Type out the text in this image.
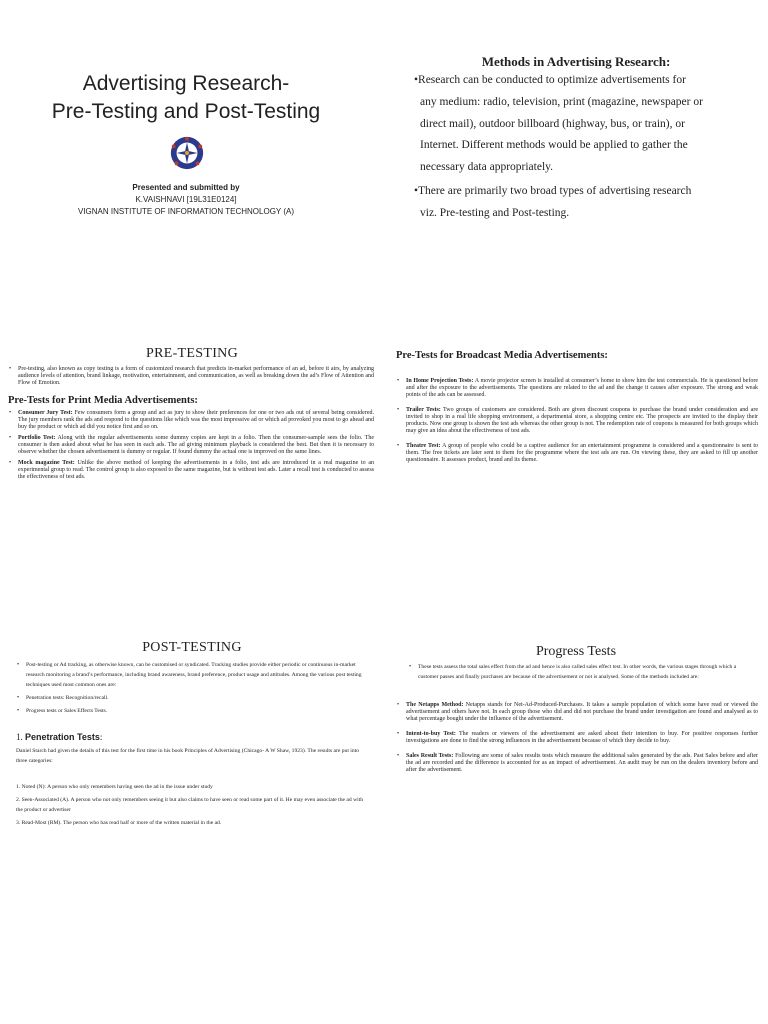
Advertising Research-
Pre-Testing and Post-Testing
Presented and submitted by
K.VAISHNAVI [19L31E0124]
VIGNAN INSTITUTE OF INFORMATION TECHNOLOGY (A)
Methods in Advertising Research:
•Research can be conducted to optimize advertisements for
any medium: radio, television, print (magazine, newspaper or
direct mail), outdoor billboard (highway, bus, or train), or
Internet. Different methods would be applied to gather the
necessary data appropriately.
•There are primarily two broad types of advertising research
viz. Pre-testing and Post-testing.
PRE-TESTING
• Pre-testing, also known as copy testing is a form of customized research that predicts in-market performance of an ad, before it airs, by analyzing audience levels of attention, brand linkage, motivation, entertainment, and communication, as well as breaking down the ad’s Flow of Attention and Flow of Emotion.
Pre-Tests for Print Media Advertisements:
• Consumer Jury Test: Few consumers form a group and act as jury to show their preferences for one or two ads out of several being considered. The jury members rank the ads and respond to the questions like which was the most impressive ad or which ad provoked you most to go ahead and buy the product or which ad did you notice first and so on.
• Portfolio Test: Along with the regular advertisements some dummy copies are kept in a folio. Then the consumer-sample sees the folio. The consumer is then asked about what he has seen in each ads. The ad giving minimum playback is considered the best. But then it is necessary to observe whether the chosen advertisement is dummy or regular. If found dummy the actual one is improved on the same lines.
• Mock magazine Test: Unlike the above method of keeping the advertisements in a folio, test ads are introduced in a real magazine to an experimental group to read. The control group is also exposed to the same magazine, but is without test ads. Later a recall test is conducted to assess the effectiveness of test ads.
Pre-Tests for Broadcast Media Advertisements:
• In Home Projection Tests: A movie projector screen is installed at consumer’s home to show him the test commercials. He is questioned before and after the exposure to the advertisements. The questions are related to the ad and the change it causes after exposure. The strong and weak points of the ads can be assessed.
• Trailer Tests: Two groups of customers are considered. Both are given discount coupons to purchase the brand under consideration and are invited to shop in a real life shopping environment, a departmental store, a shopping centre etc. The prospects are invited to the display their products. Now one group is shown the test ads whereas the other group is not. The redemption rate of coupons is measured for both groups which may give an idea about the effectiveness of test ads.
• Theatre Test: A group of people who could be a captive audience for an entertainment programme is considered and a questionnaire is sent to them. The free tickets are later sent to them for the programme where the test ads are run. On viewing these, they are asked to fill up another questionnaire. It assesses product, brand and its theme.
POST-TESTING
• Post-testing or Ad tracking, as otherwise known, can be customised or syndicated. Tracking studies provide either periodic or continuous in-market research monitoring a brand’s performance, including brand awareness, brand preference, product usage and attitudes. Among the various post testing techniques used most common ones are:
• Penetration tests: Recognition/recall.
• Progress tests or Sales Effects Tests.
1. Penetration Tests:
Daniel Starch had given the details of this test for the first time in his book Principles of Advertising (Chicago- A W Shaw, 1923). The results are put into three categories:
1. Noted (N): A person who only remembers having seen the ad in the issue under study
2. Seen-Associated (A). A person who not only remembers seeing it but also claims to have seen or read some part of it. He may even associate the ad with the product or advertiser
3. Read-Most (RM). The person who has read half or more of the written material in the ad.
Progress Tests
• These tests assess the total sales effect from the ad and hence is also called sales effect test. In other words, the various stages through which a customer passes and finally purchases are because of the advertisement or not is analysed. Some of the methods included are:
• The Netapps Method: Netapps stands for Net-Ad-Produced-Purchases. It takes a sample population of which some have read or viewed the advertisement and others have not. In each group those who did and did not purchase the brand under investigation are found and analysed as to what percentage bought under the influence of the advertisement.
• Intent-to-buy Test: The readers or viewers of the advertisement are asked about their intention to buy. For positive responses further investigations are done to find the strong influences in the advertisement because of which they decide to buy.
• Sales Result Tests: Following are some of sales results tests which measure the additional sales generated by the ads. Past Sales before and after the ad are recorded and the difference is accounted for as an impact of advertisement. An audit may be run on the dealers inventory before and after the advertisement.
